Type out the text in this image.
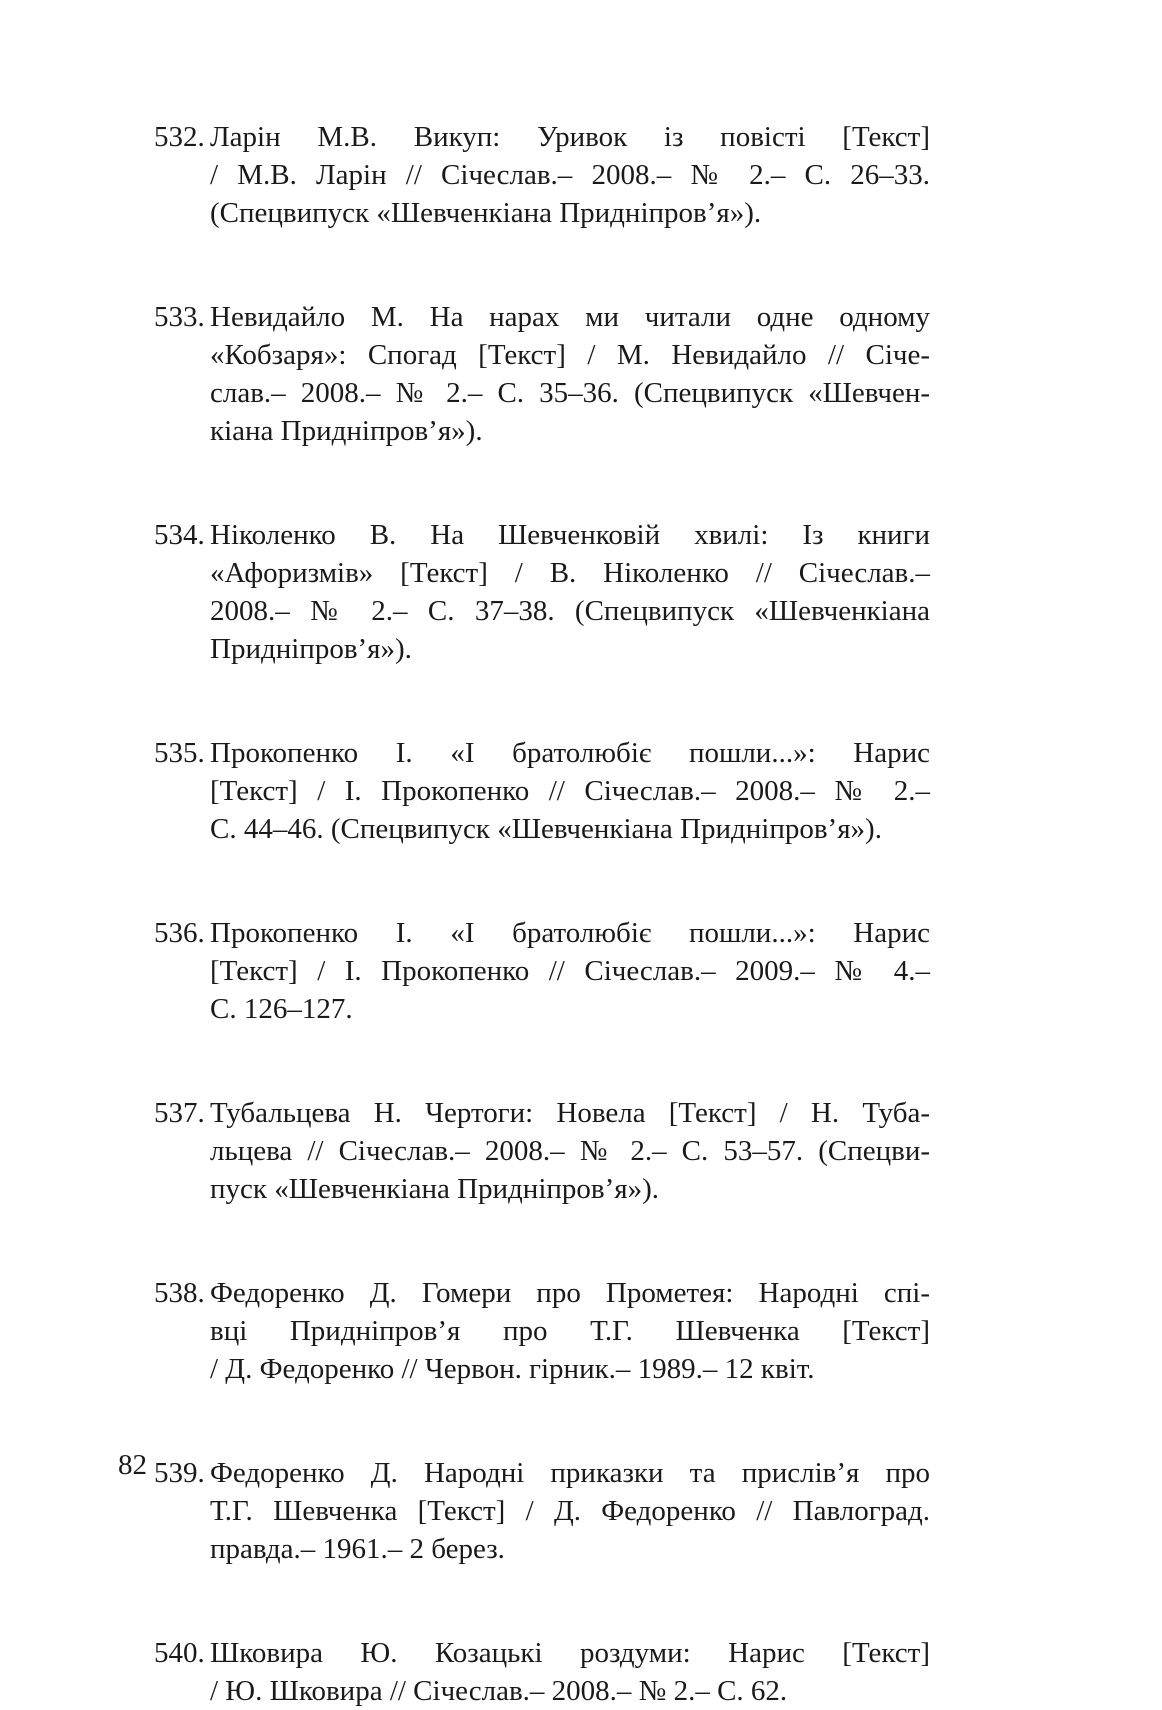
532. Ларін М.В. Викуп: Уривок із повісті [Текст]
/ М.В. Ларін // Січеслав.– 2008.– № 2.– С. 26–33.
(Спецвипуск «Шевченкіана Придніпров’я»).
533. Невидайло М. На нарах ми читали одне одному
«Кобзаря»: Спогад [Текст] / М. Невидайло // Січе-
слав.– 2008.– № 2.– С. 35–36. (Спецвипуск «Шевчен-
кіана Придніпров’я»).
534. Ніколенко В. На Шевченковій хвилі: Із книги
«Афоризмів» [Текст] / В. Ніколенко // Січеслав.–
2008.– № 2.– С. 37–38. (Спецвипуск «Шевченкіана
Придніпров’я»).
535. Прокопенко І. «І братолюбіє пошли...»: Нарис
[Текст] / І. Прокопенко // Січеслав.– 2008.– № 2.–
С. 44–46. (Спецвипуск «Шевченкіана Придніпров’я»).
536. Прокопенко І. «І братолюбіє пошли...»: Нарис
[Текст] / І. Прокопенко // Січеслав.– 2009.– № 4.–
С. 126–127.
537. Тубальцева Н. Чертоги: Новела [Текст] / Н. Туба-
льцева // Січеслав.– 2008.– № 2.– С. 53–57. (Спецви-
пуск «Шевченкіана Придніпров’я»).
538. Федоренко Д. Гомери про Прометея: Народні спі-
вці Придніпров’я про Т.Г. Шевченка [Текст]
/ Д. Федоренко // Червон. гірник.– 1989.– 12 квіт.
539. Федоренко Д. Народні приказки та прислів’я про
Т.Г. Шевченка [Текст] / Д. Федоренко // Павлоград.
правда.– 1961.– 2 берез.
540. Шковира Ю. Козацькі роздуми: Нарис [Текст]
/ Ю. Шковира // Січеслав.– 2008.– № 2.– С. 62.
82
